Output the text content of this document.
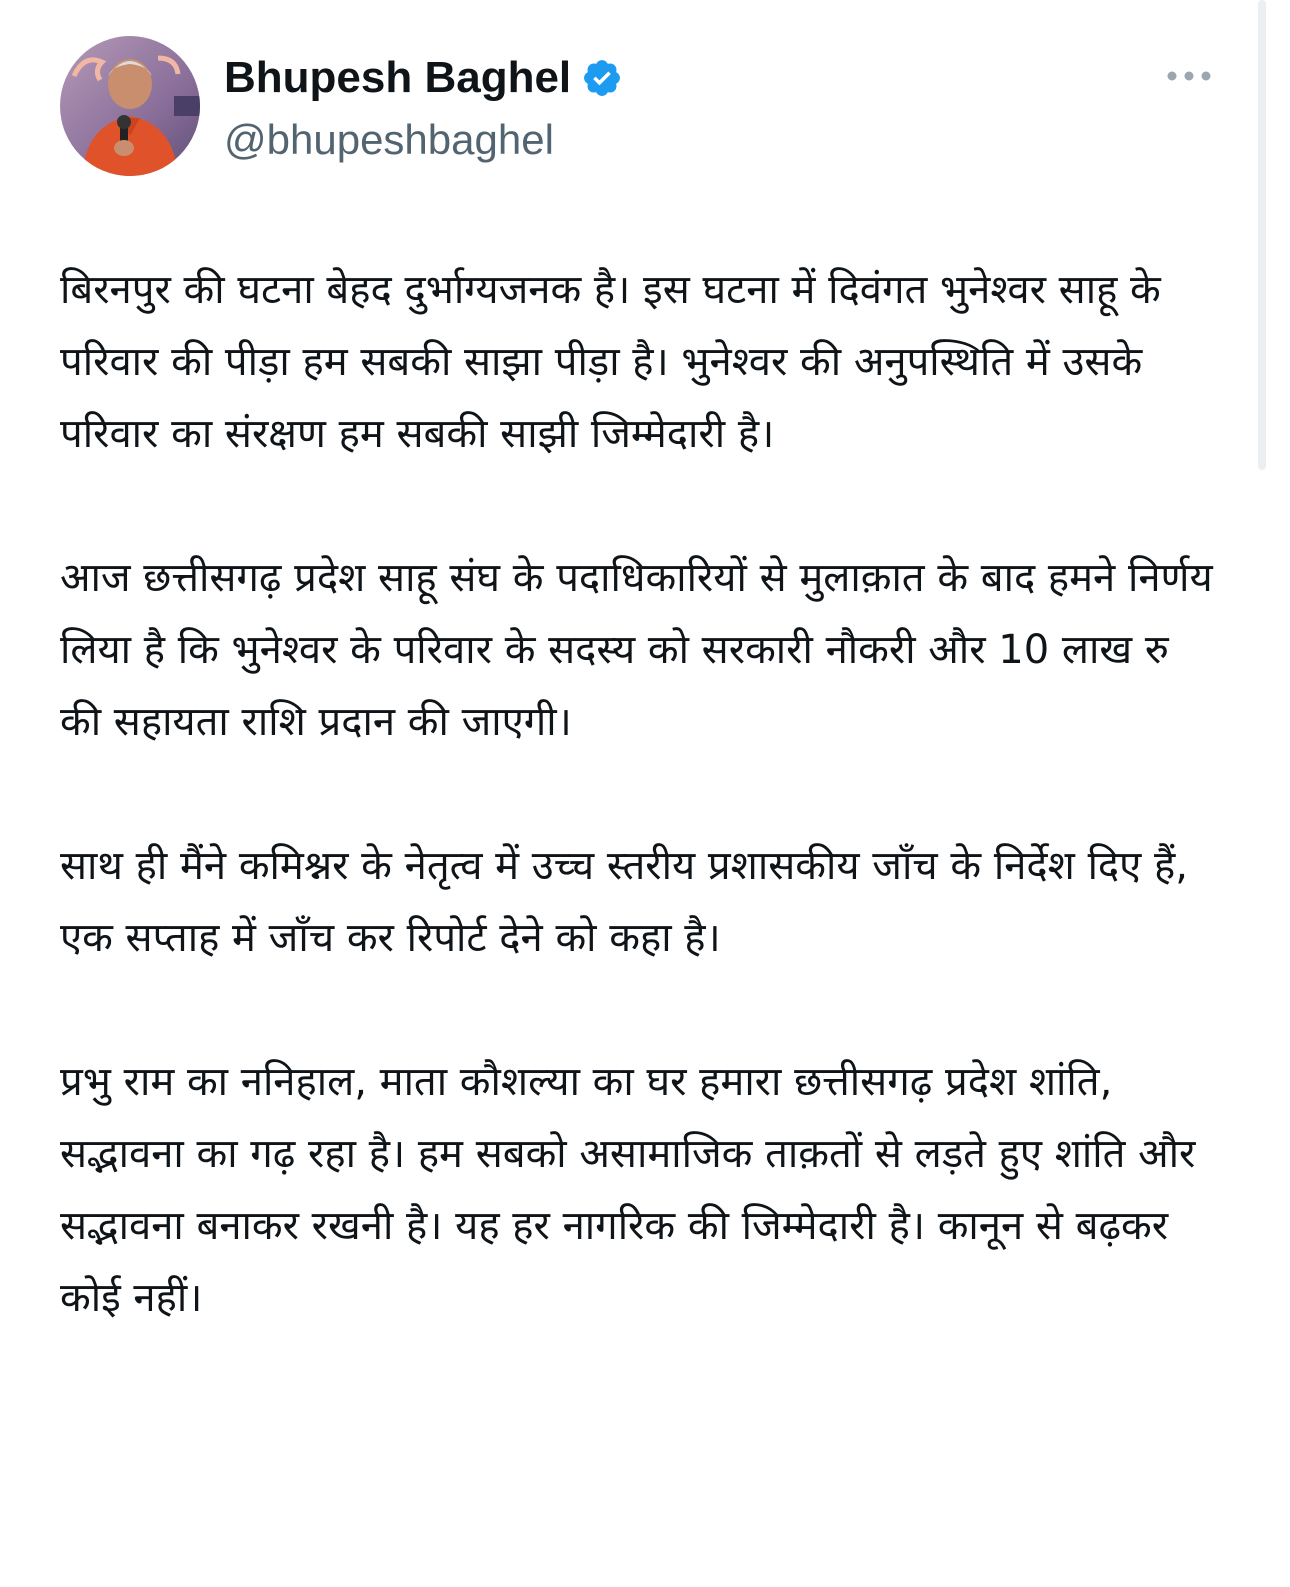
Bhupesh Baghel
@bhupeshbaghel

बिरनपुर की घटना बेहद दुर्भाग्यजनक है। इस घटना में दिवंगत भुनेश्वर साहू के परिवार की पीड़ा हम सबकी साझा पीड़ा है। भुनेश्वर की अनुपस्थिति में उसके परिवार का संरक्षण हम सबकी साझी जिम्मेदारी है।

आज छत्तीसगढ़ प्रदेश साहू संघ के पदाधिकारियों से मुलाक़ात के बाद हमने निर्णय लिया है कि भुनेश्वर के परिवार के सदस्य को सरकारी नौकरी और 10 लाख रु की सहायता राशि प्रदान की जाएगी।

साथ ही मैंने कमिश्नर के नेतृत्व में उच्च स्तरीय प्रशासकीय जाँच के निर्देश दिए हैं, एक सप्ताह में जाँच कर रिपोर्ट देने को कहा है।

प्रभु राम का ननिहाल, माता कौशल्या का घर हमारा छत्तीसगढ़ प्रदेश शांति, सद्भावना का गढ़ रहा है। हम सबको असामाजिक ताक़तों से लड़ते हुए शांति और सद्भावना बनाकर रखनी है। यह हर नागरिक की जिम्मेदारी है। कानून से बढ़कर कोई नहीं।
